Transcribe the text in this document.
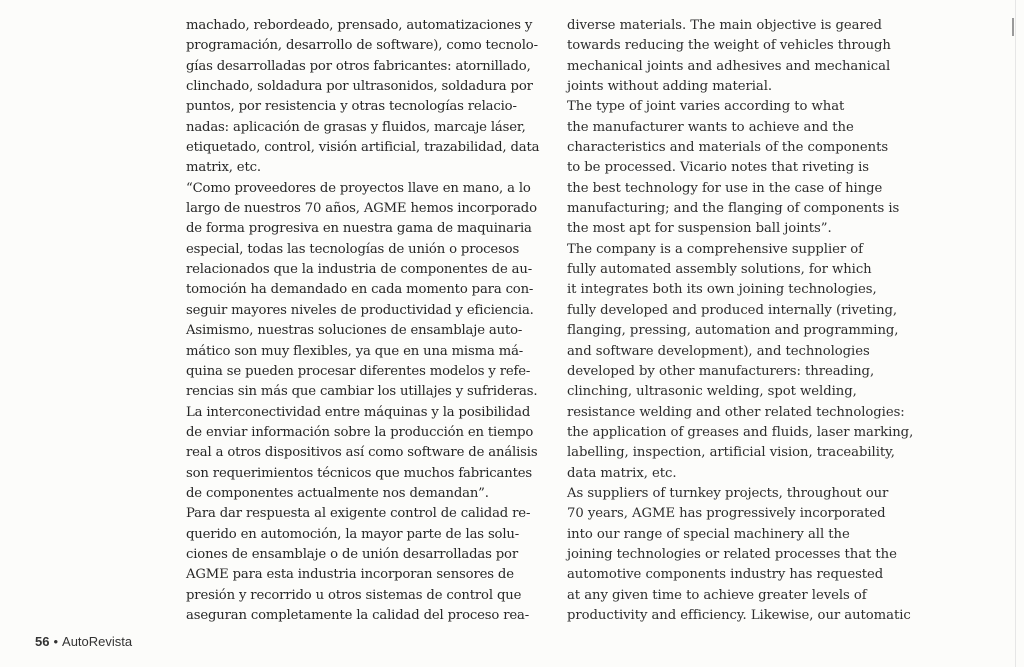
machado, rebordeado, prensado, automatizaciones y
programación, desarrollo de software), como tecnolo-
gías desarrolladas por otros fabricantes: atornillado,
clinchado, soldadura por ultrasonidos, soldadura por
puntos, por resistencia y otras tecnologías relacio-
nadas: aplicación de grasas y fluidos, marcaje láser,
etiquetado, control, visión artificial, trazabilidad, data
matrix, etc.
“Como proveedores de proyectos llave en mano, a lo
largo de nuestros 70 años, AGME hemos incorporado
de forma progresiva en nuestra gama de maquinaria
especial, todas las tecnologías de unión o procesos
relacionados que la industria de componentes de au-
tomoción ha demandado en cada momento para con-
seguir mayores niveles de productividad y eficiencia.
Asimismo, nuestras soluciones de ensamblaje auto-
mático son muy flexibles, ya que en una misma má-
quina se pueden procesar diferentes modelos y refe-
rencias sin más que cambiar los utillajes y sufrideras.
La interconectividad entre máquinas y la posibilidad
de enviar información sobre la producción en tiempo
real a otros dispositivos así como software de análisis
son requerimientos técnicos que muchos fabricantes
de componentes actualmente nos demandan”.
Para dar respuesta al exigente control de calidad re-
querido en automoción, la mayor parte de las solu-
ciones de ensamblaje o de unión desarrolladas por
AGME para esta industria incorporan sensores de
presión y recorrido u otros sistemas de control que
aseguran completamente la calidad del proceso rea-
diverse materials. The main objective is geared
towards reducing the weight of vehicles through
mechanical joints and adhesives and mechanical
joints without adding material.
The type of joint varies according to what
the manufacturer wants to achieve and the
characteristics and materials of the components
to be processed. Vicario notes that riveting is
the best technology for use in the case of hinge
manufacturing; and the flanging of components is
the most apt for suspension ball joints”.
The company is a comprehensive supplier of
fully automated assembly solutions, for which
it integrates both its own joining technologies,
fully developed and produced internally (riveting,
flanging, pressing, automation and programming,
and software development), and technologies
developed by other manufacturers: threading,
clinching, ultrasonic welding, spot welding,
resistance welding and other related technologies:
the application of greases and fluids, laser marking,
labelling, inspection, artificial vision, traceability,
data matrix, etc.
As suppliers of turnkey projects, throughout our
70 years, AGME has progressively incorporated
into our range of special machinery all the
joining technologies or related processes that the
automotive components industry has requested
at any given time to achieve greater levels of
productivity and efficiency. Likewise, our automatic
56 • AutoRevista
